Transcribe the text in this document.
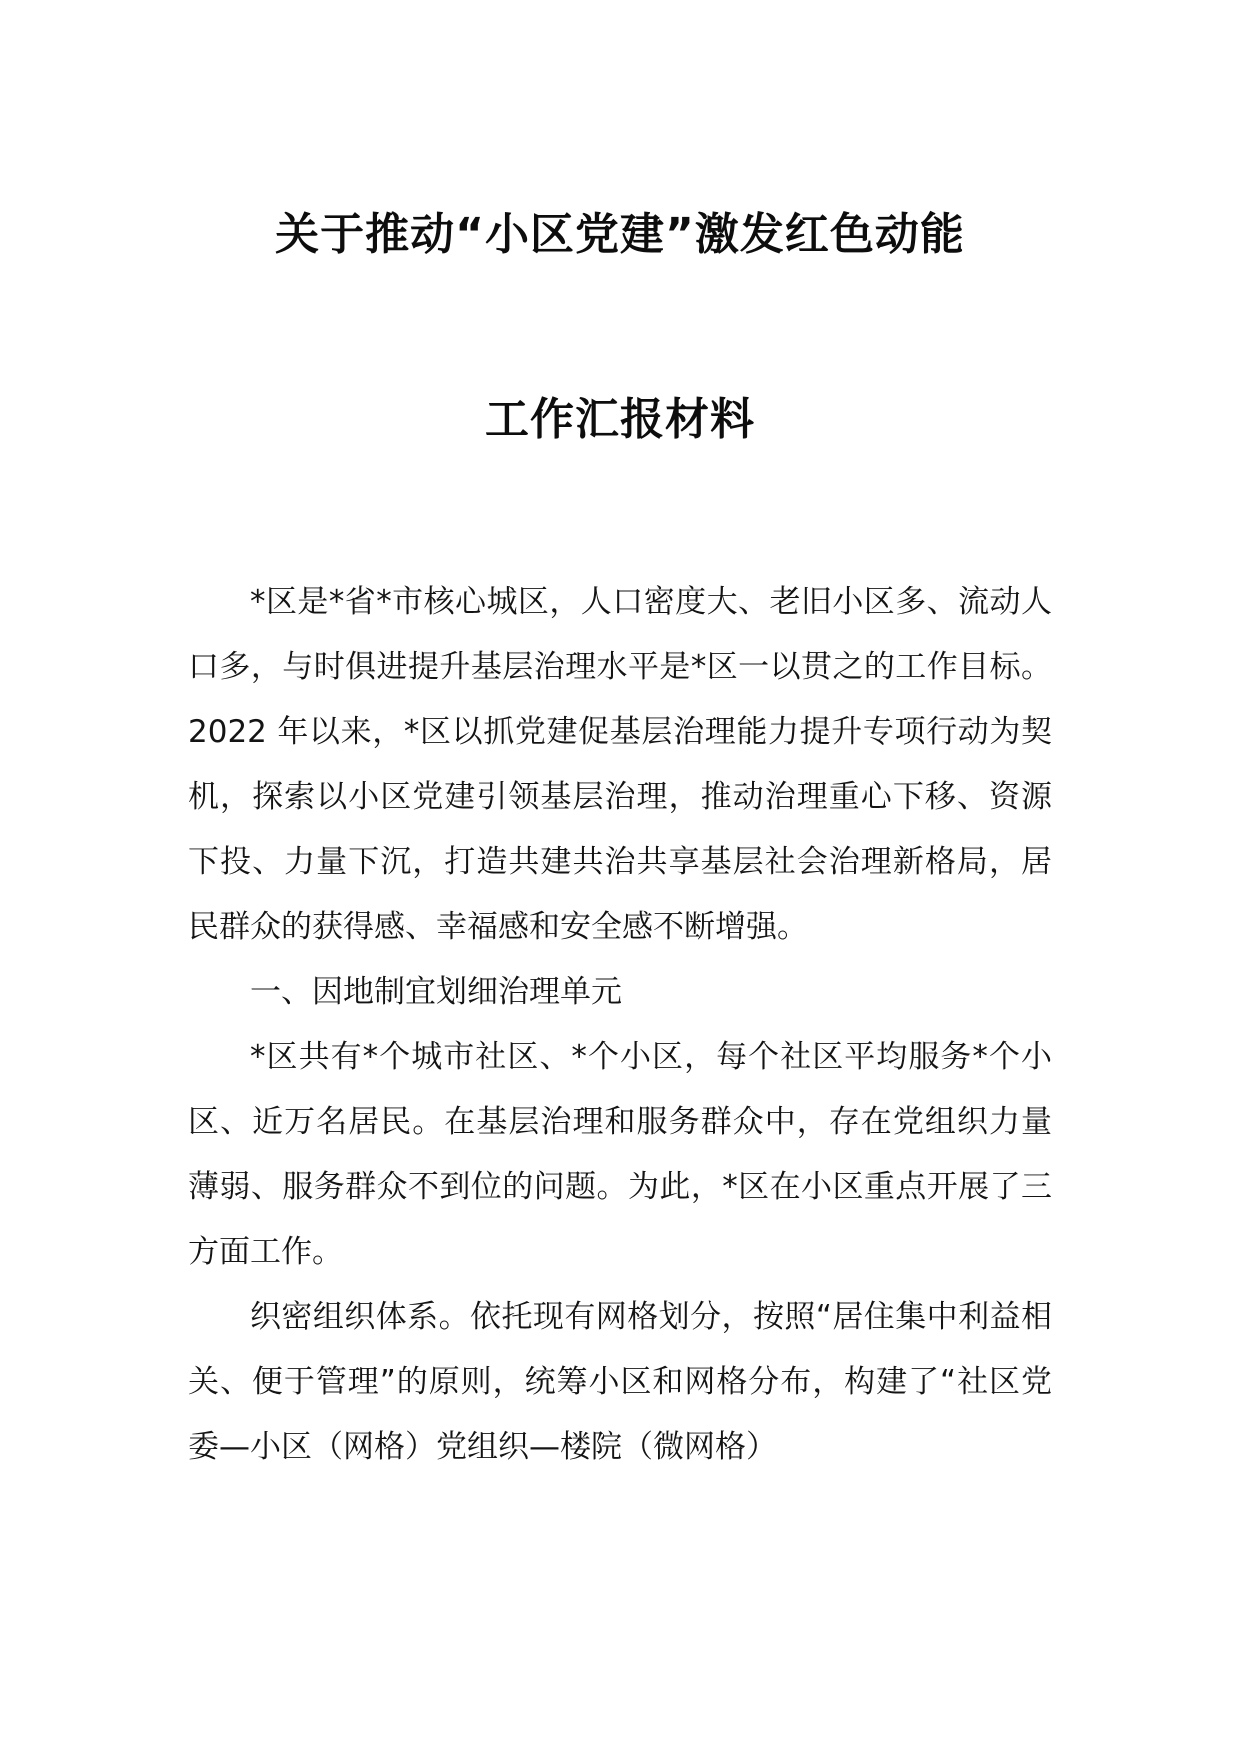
关于推动“小区党建”激发红色动能
工作汇报材料

*区是*省*市核心城区，人口密度大、老旧小区多、流动人口多，与时俱进提升基层治理水平是*区一以贯之的工作目标。2022 年以来，*区以抓党建促基层治理能力提升专项行动为契机，探索以小区党建引领基层治理，推动治理重心下移、资源下投、力量下沉，打造共建共治共享基层社会治理新格局，居民群众的获得感、幸福感和安全感不断增强。

一、因地制宜划细治理单元

*区共有*个城市社区、*个小区，每个社区平均服务*个小区、近万名居民。在基层治理和服务群众中，存在党组织力量薄弱、服务群众不到位的问题。为此，*区在小区重点开展了三方面工作。

织密组织体系。依托现有网格划分，按照“居住集中利益相关、便于管理”的原则，统筹小区和网格分布，构建了“社区党委—小区（网格）党组织—楼院（微网格）
